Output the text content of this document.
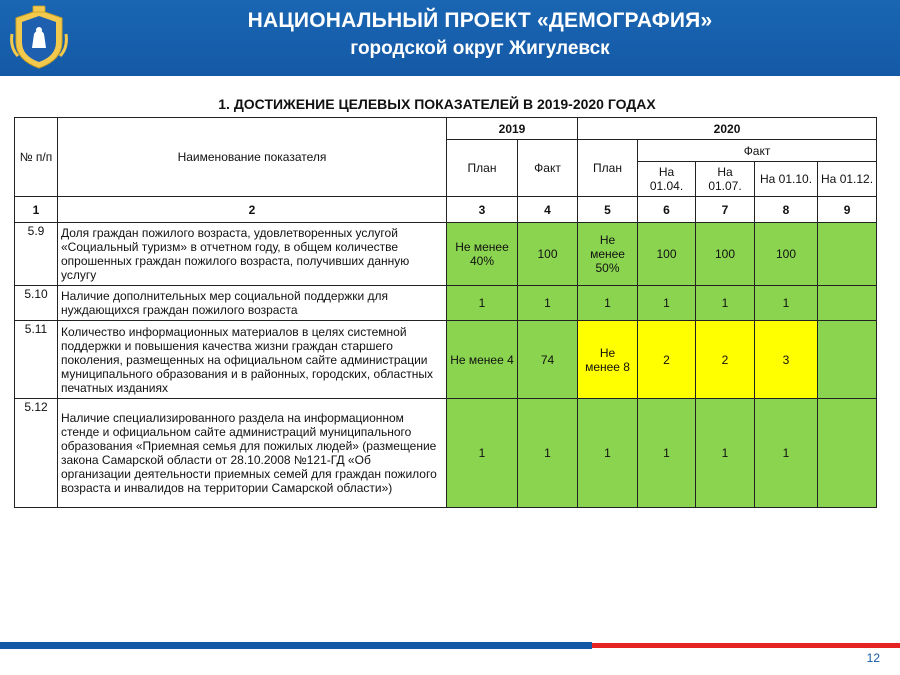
НАЦИОНАЛЬНЫЙ ПРОЕКТ «ДЕМОГРАФИЯ»
городской округ Жигулевск
1. ДОСТИЖЕНИЕ ЦЕЛЕВЫХ ПОКАЗАТЕЛЕЙ В 2019-2020 ГОДАХ
№ п/п	Наименование показателя	2019		2020				
		План	Факт	План	Факт			
					На 01.04.	На 01.07.	На 01.10.	На 01.12.
1	2	3	4	5	6	7	8	9
5.9	Доля граждан пожилого возраста, удовлетворенных услугой «Социальный туризм» в отчетном году, в общем количестве опрошенных граждан пожилого возраста, получивших данную услугу	Не менее 40%	100	Не менее 50%	100	100	100	
5.10	Наличие дополнительных мер социальной поддержки для нуждающихся граждан пожилого возраста	1	1	1	1	1	1	
5.11	Количество информационных материалов в целях системной поддержки и повышения качества жизни граждан старшего поколения, размещенных на официальном сайте администрации муниципального образования и в районных, городских, областных печатных изданиях	Не менее 4	74	Не менее 8	2	2	3	
5.12	Наличие специализированного раздела на информационном стенде и официальном сайте администраций муниципального образования «Приемная семья для пожилых людей» (размещение закона Самарской области от 28.10.2008 №121-ГД «Об организации деятельности приемных семей для граждан пожилого возраста и инвалидов на территории Самарской области»)	1	1	1	1	1	1	
12
